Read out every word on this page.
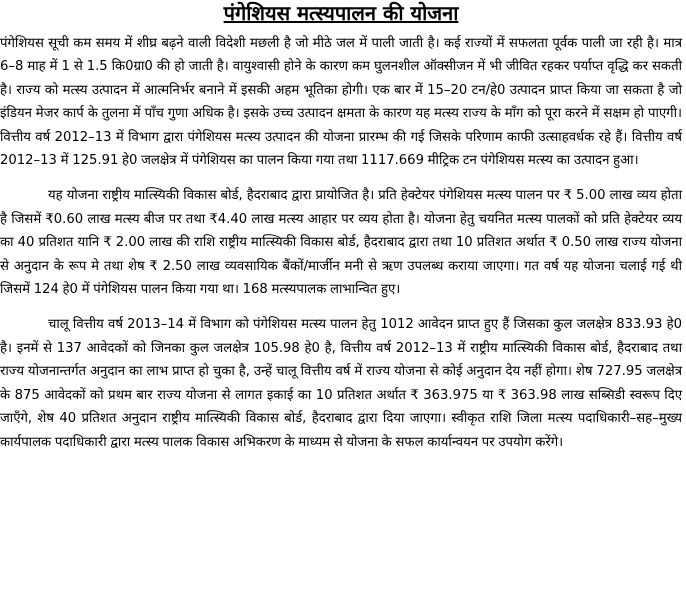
पंगेशियस मत्स्यपालन की योजना

पंगेशियस सूची कम समय में शीघ्र बढ़ने वाली विदेशी मछली है जो मीठे जल में पाली जाती है। कई राज्यों में सफलता पूर्वक पाली जा रही है। मात्र 6–8 माह में 1 से 1.5 कि0ग्रा0 की हो जाती है। वायुश्वासी होने के कारण कम घुलनशील ऑक्सीजन में भी जीवित रहकर पर्याप्त वृद्धि कर सकती है। राज्य को मत्स्य उत्पादन में आत्मनिर्भर बनाने में इसकी अहम भूतिका होगी। एक बार में 15–20 टन/हे0 उत्पादन प्राप्त किया जा सकता है जो इंडियन मेजर कार्प के तुलना में पाँच गुणा अधिक है। इसके उच्च उत्पादन क्षमता के कारण यह मत्स्य राज्य के माँग को पूरा करने में सक्षम हो पाएगी। वित्तीय वर्ष 2012–13 में विभाग द्वारा पंगेशियस मत्स्य उत्पादन की योजना प्रारम्भ की गई जिसके परिणाम काफी उत्साहवर्धक रहे हैं। वित्तीय वर्ष 2012–13 में 125.91 हे0 जलक्षेत्र में पंगेशियस का पालन किया गया तथा 1117.669 मीट्रिक टन पंगेशियस मत्स्य का उत्पादन हुआ।

यह योजना राष्ट्रीय मात्स्यिकी विकास बोर्ड, हैदराबाद द्वारा प्रायोजित है। प्रति हेक्टेयर पंगेशियस मत्स्य पालन पर ₹ 5.00 लाख व्यय होता है जिसमें ₹0.60 लाख मत्स्य बीज पर तथा ₹4.40 लाख मत्स्य आहार पर व्यय होता है। योजना हेतु चयनित मत्स्य पालकों को प्रति हेक्टेयर व्यय का 40 प्रतिशत यानि ₹ 2.00 लाख की राशि राष्ट्रीय मात्स्यिकी विकास बोर्ड, हैदराबाद द्वारा तथा 10 प्रतिशत अर्थात ₹ 0.50 लाख राज्य योजना से अनुदान के रूप मे तथा शेष ₹ 2.50 लाख व्यवसायिक बैंकों/मार्जीन मनी से ऋण उपलब्ध कराया जाएगा। गत वर्ष यह योजना चलाई गई थी जिसमें 124 हे0 में पंगेशियस पालन किया गया था। 168 मत्स्यपालक लाभान्वित हुए।

चालू वित्तीय वर्ष 2013–14 में विभाग को पंगेशियस मत्स्य पालन हेतु 1012 आवेदन प्राप्त हुए हैं जिसका कुल जलक्षेत्र 833.93 हे0 है। इनमें से 137 आवेदकों को जिनका कुल जलक्षेत्र 105.98 हे0 है, वित्तीय वर्ष 2012–13 में राष्ट्रीय मात्स्यिकी विकास बोर्ड, हैदराबाद तथा राज्य योजनान्तर्गत अनुदान का लाभ प्राप्त हो चुका है, उन्हें चालू वित्तीय वर्ष में राज्य योजना से कोई अनुदान देय नहीं होगा। शेष 727.95 जलक्षेत्र के 875 आवेदकों को प्रथम बार राज्य योजना से लागत इकाई का 10 प्रतिशत अर्थात ₹ 363.975 या ₹ 363.98 लाख सब्सिडी स्वरूप दिए जाएँगे, शेष 40 प्रतिशत अनुदान राष्ट्रीय मात्स्यिकी विकास बोर्ड, हैदराबाद द्वारा दिया जाएगा। स्वीकृत राशि जिला मत्स्य पदाधिकारी–सह–मुख्य कार्यपालक पदाधिकारी द्वारा मत्स्य पालक विकास अभिकरण के माध्यम से योजना के सफल कार्यान्वयन पर उपयोग करेंगे।
